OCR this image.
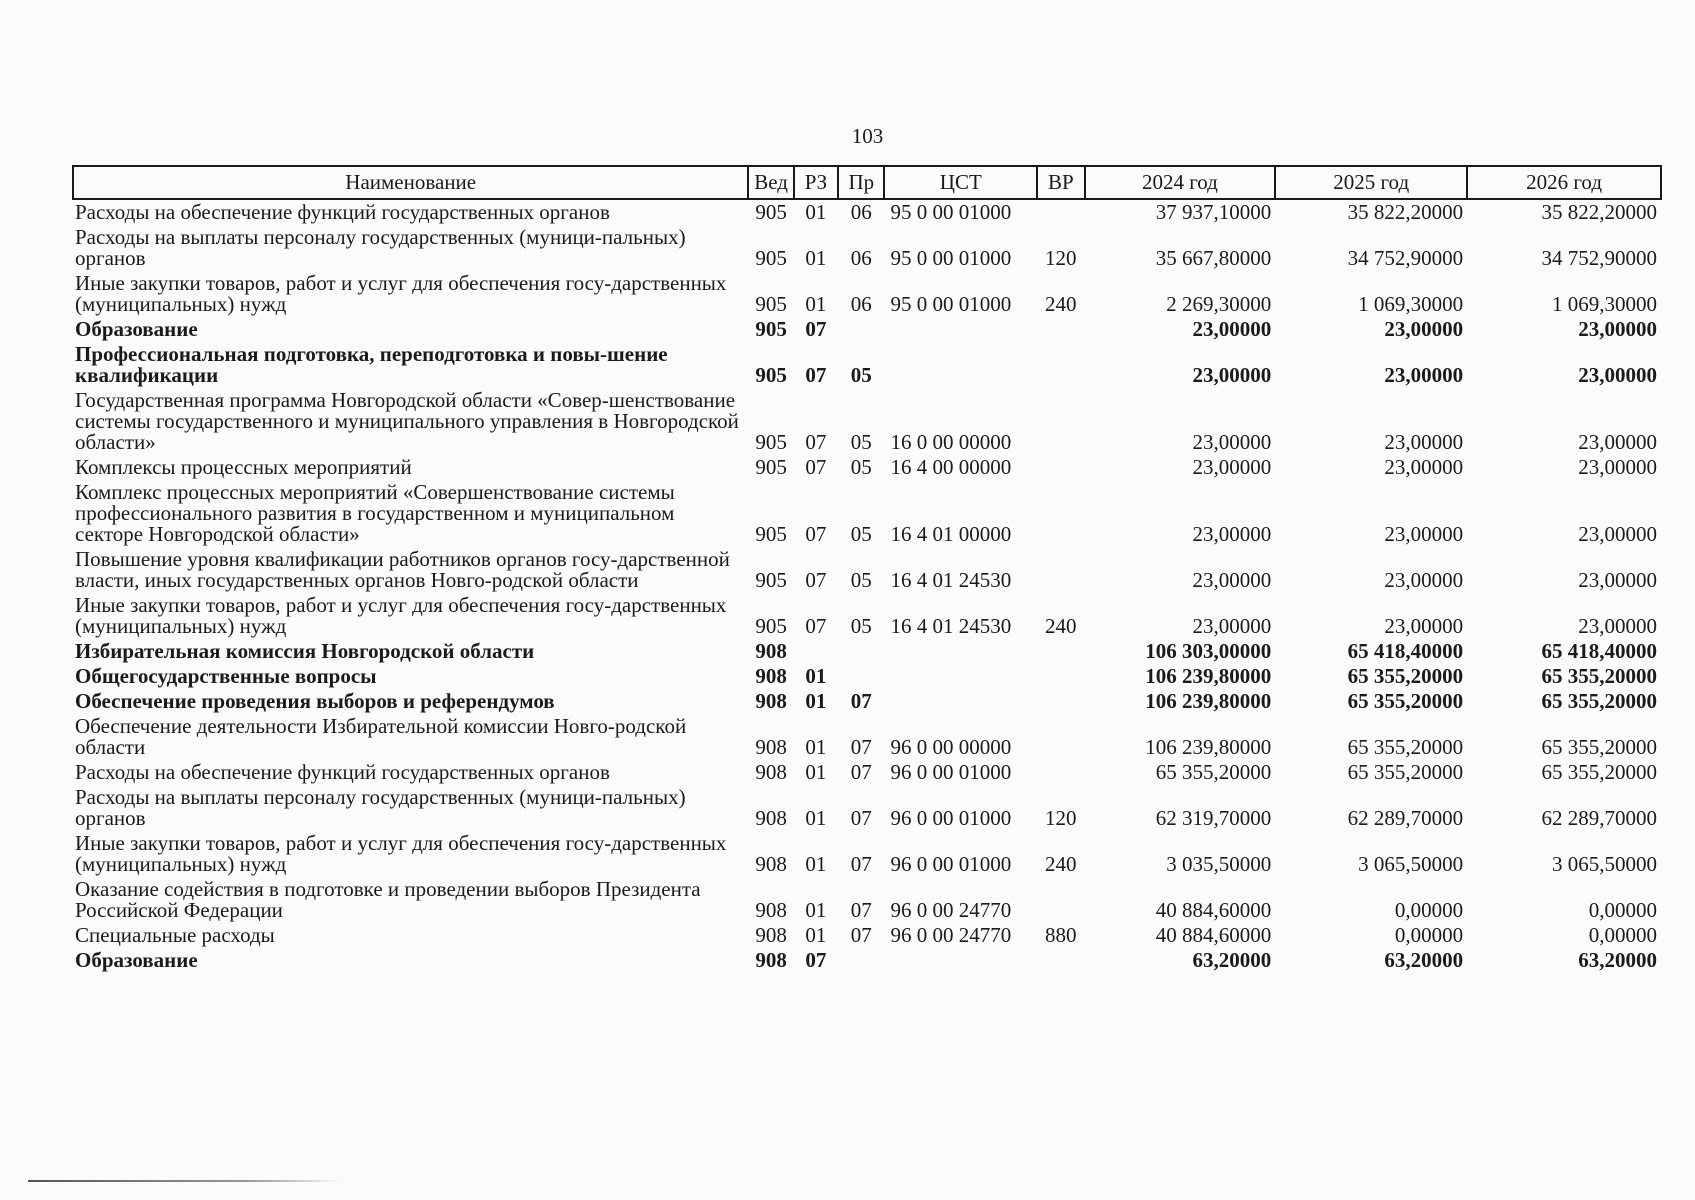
103
Наименование	Вед	РЗ	Пр	ЦСТ	ВР	2024 год	2025 год	2026 год
Расходы на обеспечение функций государственных органов	905	01	06	95 0 00 01000		37 937,10000	35 822,20000	35 822,20000
Расходы на выплаты персоналу государственных (муници-пальных) органов	905	01	06	95 0 00 01000	120	35 667,80000	34 752,90000	34 752,90000
Иные закупки товаров, работ и услуг для обеспечения госу-дарственных (муниципальных) нужд	905	01	06	95 0 00 01000	240	2 269,30000	1 069,30000	1 069,30000
Образование	905	07				23,00000	23,00000	23,00000
Профессиональная подготовка, переподготовка и повы-шение квалификации	905	07	05			23,00000	23,00000	23,00000
Государственная программа Новгородской области «Совер-шенствование системы государственного и муниципального управления в Новгородской области»	905	07	05	16 0 00 00000		23,00000	23,00000	23,00000
Комплексы процессных мероприятий	905	07	05	16 4 00 00000		23,00000	23,00000	23,00000
Комплекс процессных мероприятий «Совершенствование системы профессионального развития в государственном и муниципальном секторе Новгородской области»	905	07	05	16 4 01 00000		23,00000	23,00000	23,00000
Повышение уровня квалификации работников органов госу-дарственной власти, иных государственных органов Новго-родской области	905	07	05	16 4 01 24530		23,00000	23,00000	23,00000
Иные закупки товаров, работ и услуг для обеспечения госу-дарственных (муниципальных) нужд	905	07	05	16 4 01 24530	240	23,00000	23,00000	23,00000
Избирательная комиссия Новгородской области	908					106 303,00000	65 418,40000	65 418,40000
Общегосударственные вопросы	908	01				106 239,80000	65 355,20000	65 355,20000
Обеспечение проведения выборов и референдумов	908	01	07			106 239,80000	65 355,20000	65 355,20000
Обеспечение деятельности Избирательной комиссии Новго-родской области	908	01	07	96 0 00 00000		106 239,80000	65 355,20000	65 355,20000
Расходы на обеспечение функций государственных органов	908	01	07	96 0 00 01000		65 355,20000	65 355,20000	65 355,20000
Расходы на выплаты персоналу государственных (муници-пальных) органов	908	01	07	96 0 00 01000	120	62 319,70000	62 289,70000	62 289,70000
Иные закупки товаров, работ и услуг для обеспечения госу-дарственных (муниципальных) нужд	908	01	07	96 0 00 01000	240	3 035,50000	3 065,50000	3 065,50000
Оказание содействия в подготовке и проведении выборов Президента Российской Федерации	908	01	07	96 0 00 24770		40 884,60000	0,00000	0,00000
Специальные расходы	908	01	07	96 0 00 24770	880	40 884,60000	0,00000	0,00000
Образование	908	07				63,20000	63,20000	63,20000
